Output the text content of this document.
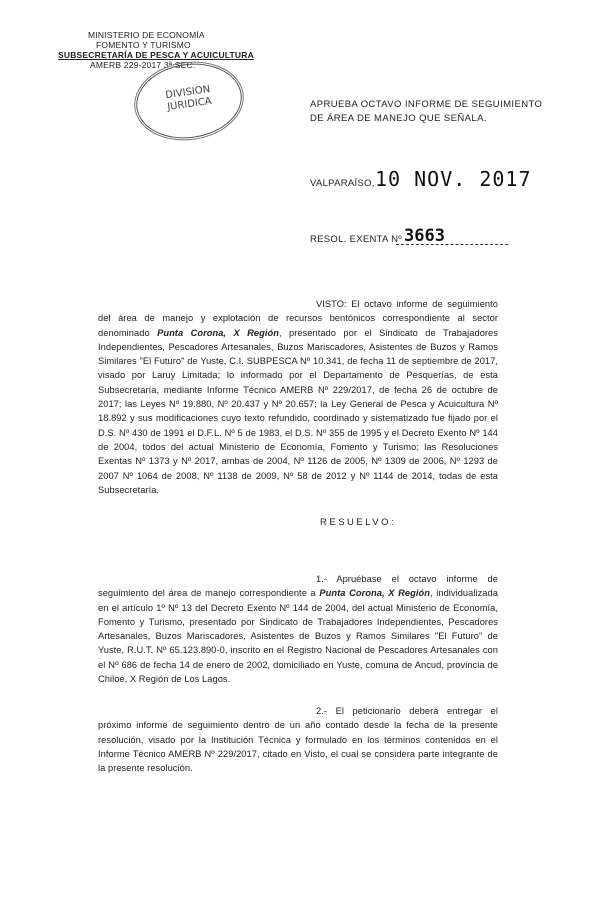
MINISTERIO DE ECONOMÍA
FOMENTO Y TURISMO
SUBSECRETARÍA DE PESCA Y ACUICULTURA
AMERB 229-2017 3ª SEC.
DIVISION
JURIDICA	APRUEBA OCTAVO INFORME DE SEGUIMIENTO DE ÁREA DE MANEJO QUE SEÑALA.
VALPARAÍSO, 10 NOV. 2017
RESOL. EXENTA Nº 3663

VISTO: El octavo informe de seguimiento del área de manejo y explotación de recursos bentónicos correspondiente al sector denominado Punta Corona, X Región, presentado por el Sindicato de Trabajadores Independientes, Pescadores Artesanales, Buzos Mariscadores, Asistentes de Buzos y Ramos Similares "El Futuro" de Yuste, C.I. SUBPESCA Nº 10.341, de fecha 11 de septiembre de 2017, visado por Laruy Limitada; lo informado por el Departamento de Pesquerías, de esta Subsecretaría, mediante Informe Técnico AMERB Nº 229/2017, de fecha 26 de octubre de 2017; las Leyes Nº 19.880, Nº 20.437 y Nº 20.657; la Ley General de Pesca y Acuicultura Nº 18.892 y sus modificaciones cuyo texto refundido, coordinado y sistematizado fue fijado por el D.S. Nº 430 de 1991 el D.F.L. Nº 5 de 1983, el D.S. Nº 355 de 1995 y el Decreto Exento Nº 144 de 2004, todos del actual Ministerio de Economía, Fomento y Turismo; las Resoluciones Exentas Nº 1373 y Nº 2017, ambas de 2004, Nº 1126 de 2005, Nº 1309 de 2006, Nº 1293 de 2007 Nº 1064 de 2008, Nº 1138 de 2009, Nº 58 de 2012 y Nº 1144 de 2014, todas de esta Subsecretaría.

RESUELVO:

1.- Apruébase el octavo informe de seguimiento del área de manejo correspondiente a Punta Corona, X Región, individualizada en el artículo 1º Nº 13 del Decreto Exento Nº 144 de 2004, del actual Ministerio de Economía, Fomento y Turismo, presentado por Sindicato de Trabajadores Independientes, Pescadores Artesanales, Buzos Mariscadores, Asistentes de Buzos y Ramos Similares "El Futuro" de Yuste, R.U.T. Nº 65.123.890-0, inscrito en el Registro Nacional de Pescadores Artesanales con el Nº 686 de fecha 14 de enero de 2002, domiciliado en Yuste, comuna de Ancud, provincia de Chiloé, X Región de Los Lagos.

2.- El peticionario deberá entregar el próximo informe de seguimiento dentro de un año contado desde la fecha de la presente resolución, visado por la Institución Técnica y formulado en los términos contenidos en el Informe Técnico AMERB Nº 229/2017, citado en Visto, el cual se considera parte integrante de la presente resolución.
